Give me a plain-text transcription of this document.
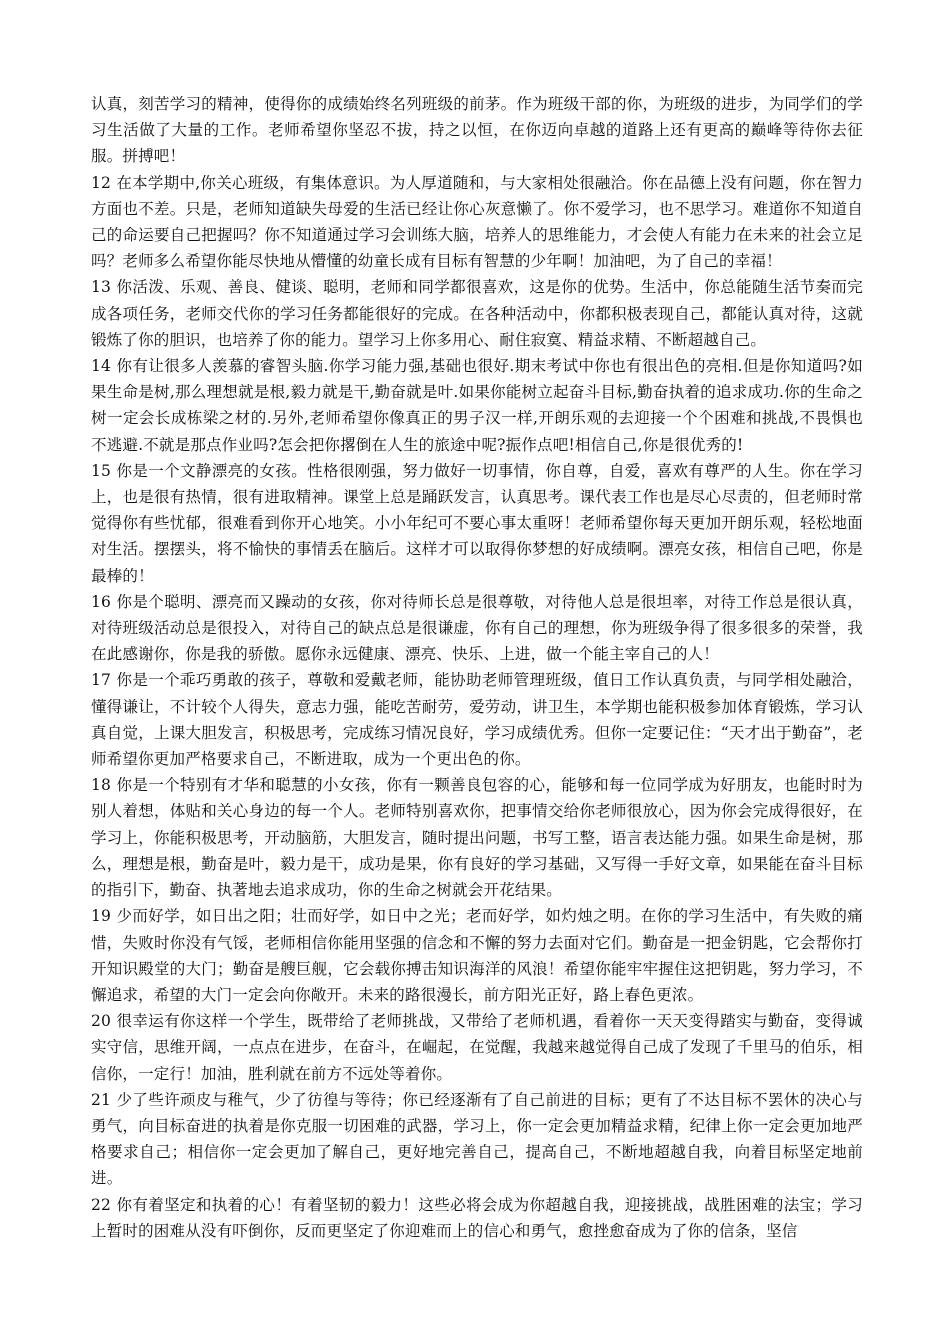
认真，刻苦学习的精神，使得你的成绩始终名列班级的前茅。作为班级干部的你，为班级的进步，为同学们的学习生活做了大量的工作。老师希望你坚忍不拔，持之以恒，在你迈向卓越的道路上还有更高的巅峰等待你去征服。拼搏吧！

12 在本学期中,你关心班级，有集体意识。为人厚道随和，与大家相处很融洽。你在品德上没有问题，你在智力方面也不差。只是，老师知道缺失母爱的生活已经让你心灰意懒了。你不爱学习，也不思学习。难道你不知道自己的命运要自己把握吗？你不知道通过学习会训练大脑，培养人的思维能力，才会使人有能力在未来的社会立足吗？老师多么希望你能尽快地从懵懂的幼童长成有目标有智慧的少年啊！加油吧，为了自己的幸福！

13 你活泼、乐观、善良、健谈、聪明，老师和同学都很喜欢，这是你的优势。生活中，你总能随生活节奏而完成各项任务，老师交代你的学习任务都能很好的完成。在各种活动中，你都积极表现自己，都能认真对待，这就锻炼了你的胆识，也培养了你的能力。望学习上你多用心、耐住寂寞、精益求精、不断超越自己。

14 你有让很多人羡慕的睿智头脑.你学习能力强,基础也很好.期末考试中你也有很出色的亮相.但是你知道吗?如果生命是树,那么理想就是根,毅力就是干,勤奋就是叶.如果你能树立起奋斗目标,勤奋执着的追求成功.你的生命之树一定会长成栋梁之材的.另外,老师希望你像真正的男子汉一样,开朗乐观的去迎接一个个困难和挑战,不畏惧也不逃避.不就是那点作业吗?怎会把你撂倒在人生的旅途中呢?振作点吧!相信自己,你是很优秀的!

15 你是一个文静漂亮的女孩。性格很刚强，努力做好一切事情，你自尊，自爱，喜欢有尊严的人生。你在学习上，也是很有热情，很有进取精神。课堂上总是踊跃发言，认真思考。课代表工作也是尽心尽责的，但老师时常觉得你有些忧郁，很难看到你开心地笑。小小年纪可不要心事太重呀！老师希望你每天更加开朗乐观，轻松地面对生活。摆摆头，将不愉快的事情丢在脑后。这样才可以取得你梦想的好成绩啊。漂亮女孩，相信自己吧，你是最棒的！

16 你是个聪明、漂亮而又躁动的女孩，你对待师长总是很尊敬，对待他人总是很坦率，对待工作总是很认真，对待班级活动总是很投入，对待自己的缺点总是很谦虚，你有自己的理想，你为班级争得了很多很多的荣誉，我在此感谢你，你是我的骄傲。愿你永远健康、漂亮、快乐、上进，做一个能主宰自己的人！

17 你是一个乖巧勇敢的孩子，尊敬和爱戴老师，能协助老师管理班级，值日工作认真负责，与同学相处融洽，懂得谦让，不计较个人得失，意志力强，能吃苦耐劳，爱劳动，讲卫生，本学期也能积极参加体育锻炼，学习认真自觉，上课大胆发言，积极思考，完成练习情况良好，学习成绩优秀。但你一定要记住：“天才出于勤奋”，老师希望你更加严格要求自己，不断进取，成为一个更出色的你。

18 你是一个特别有才华和聪慧的小女孩，你有一颗善良包容的心，能够和每一位同学成为好朋友，也能时时为别人着想，体贴和关心身边的每一个人。老师特别喜欢你，把事情交给你老师很放心，因为你会完成得很好，在学习上，你能积极思考，开动脑筋，大胆发言，随时提出问题，书写工整，语言表达能力强。如果生命是树，那么，理想是根，勤奋是叶，毅力是干，成功是果，你有良好的学习基础，又写得一手好文章，如果能在奋斗目标的指引下，勤奋、执著地去追求成功，你的生命之树就会开花结果。

19 少而好学，如日出之阳；壮而好学，如日中之光；老而好学，如灼烛之明。在你的学习生活中，有失败的痛惜，失败时你没有气馁，老师相信你能用坚强的信念和不懈的努力去面对它们。勤奋是一把金钥匙，它会帮你打开知识殿堂的大门；勤奋是艘巨舰，它会载你搏击知识海洋的风浪！希望你能牢牢握住这把钥匙，努力学习，不懈追求，希望的大门一定会向你敞开。未来的路很漫长，前方阳光正好，路上春色更浓。

20 很幸运有你这样一个学生，既带给了老师挑战，又带给了老师机遇，看着你一天天变得踏实与勤奋，变得诚实守信，思维开阔，一点点在进步，在奋斗，在崛起，在觉醒，我越来越觉得自己成了发现了千里马的伯乐，相信你，一定行！加油，胜利就在前方不远处等着你。

21 少了些许顽皮与稚气，少了彷徨与等待；你已经逐渐有了自己前进的目标；更有了不达目标不罢休的决心与勇气，向目标奋进的执着是你克服一切困难的武器，学习上，你一定会更加精益求精，纪律上你一定会更加地严格要求自己；相信你一定会更加了解自己，更好地完善自己，提高自己，不断地超越自我，向着目标坚定地前进。

22 你有着坚定和执着的心！有着坚韧的毅力！这些必将会成为你超越自我，迎接挑战，战胜困难的法宝；学习上暂时的困难从没有吓倒你，反而更坚定了你迎难而上的信心和勇气，愈挫愈奋成为了你的信条，坚信
